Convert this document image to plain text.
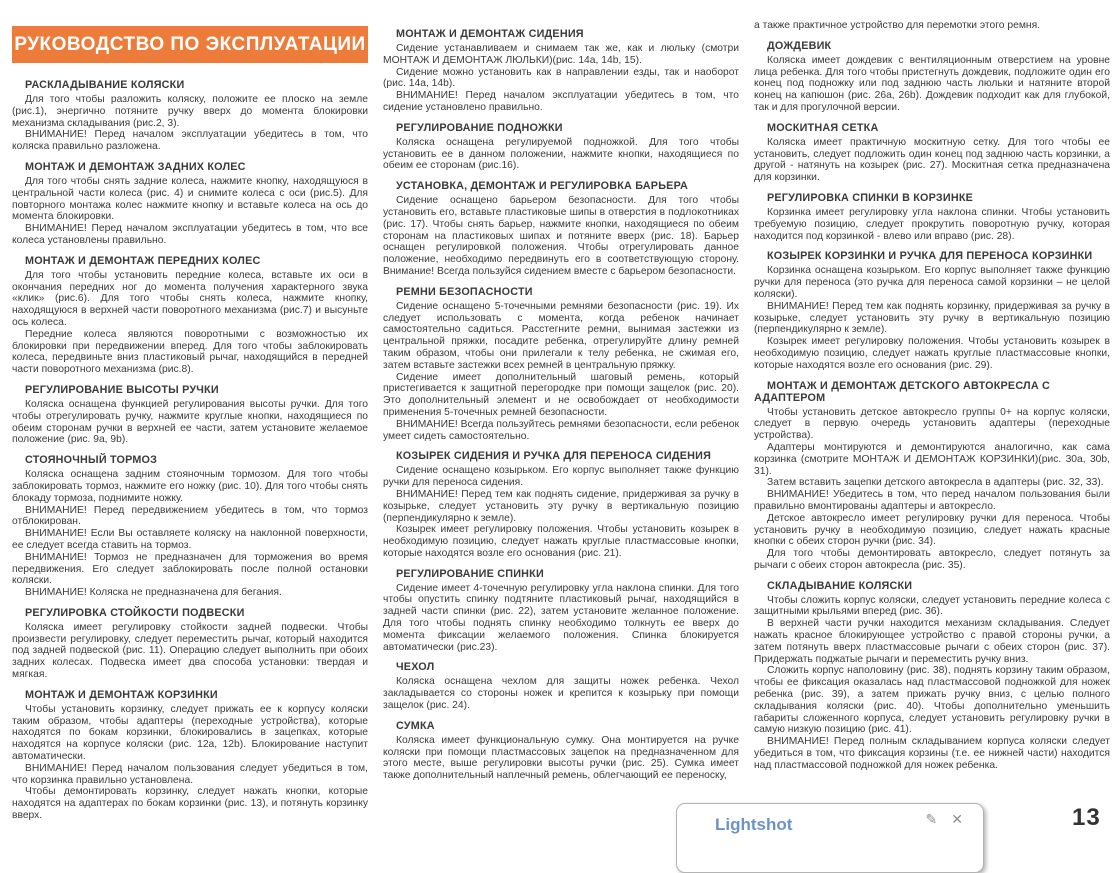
РУКОВОДСТВО ПО ЭКСПЛУАТАЦИИ
РАСКЛАДЫВАНИЕ КОЛЯСКИ

Для того чтобы разложить коляску, положите ее плоско на земле (рис.1), энергично потяните ручку вверх до момента блокировки механизма складывания (рис.2, 3).

ВНИМАНИЕ! Перед началом эксплуатации убедитесь в том, что коляска правильно разложена.

МОНТАЖ И ДЕМОНТАЖ ЗАДНИХ КОЛЕС

Для того чтобы снять задние колеса, нажмите кнопку, находящуюся в центральной части колеса (рис. 4) и снимите колеса с оси (рис.5). Для повторного монтажа колес нажмите кнопку и вставьте колеса на ось до момента блокировки.

ВНИМАНИЕ! Перед началом эксплуатации убедитесь в том, что все колеса установлены правильно.

МОНТАЖ И ДЕМОНТАЖ ПЕРЕДНИХ КОЛЕС

Для того чтобы установить передние колеса, вставьте их оси в окончания передних ног до момента получения характерного звука «клик» (рис.6). Для того чтобы снять колеса, нажмите кнопку, находящуюся в верхней части поворотного механизма (рис.7) и высуньте ось колеса.

Передние колеса являются поворотными с возможностью их блокировки при передвижении вперед. Для того чтобы заблокировать колеса, передвиньте вниз пластиковый рычаг, находящийся в передней части поворотного механизма (рис.8).

РЕГУЛИРОВАНИЕ ВЫСОТЫ РУЧКИ

Коляска оснащена функцией регулирования высоты ручки. Для того чтобы отрегулировать ручку, нажмите круглые кнопки, находящиеся по обеим сторонам ручки в верхней ее части, затем установите желаемое положение (рис. 9a, 9b).

СТОЯНОЧНЫЙ ТОРМОЗ

Коляска оснащена задним стояночным тормозом. Для того чтобы заблокировать тормоз, нажмите его ножку (рис. 10). Для того чтобы снять блокаду тормоза, поднимите ножку.

ВНИМАНИЕ! Перед передвижением убедитесь в том, что тормоз отблокирован.

ВНИМАНИЕ! Если Вы оставляете коляску на наклонной поверхности, ее следует всегда ставить на тормоз.

ВНИМАНИЕ! Тормоз не предназначен для торможения во время передвижения. Его следует заблокировать после полной остановки коляски.

ВНИМАНИЕ! Коляска не предназначена для бегания.

РЕГУЛИРОВКА СТОЙКОСТИ ПОДВЕСКИ

Коляска имеет регулировку стойкости задней подвески. Чтобы произвести регулировку, следует переместить рычаг, который находится под задней подвеской (рис. 11). Операцию следует выполнить при обоих задних колесах. Подвеска имеет два способа установки: твердая и мягкая.

МОНТАЖ И ДЕМОНТАЖ КОРЗИНКИ

Чтобы установить корзинку, следует прижать ее к корпусу коляски таким образом, чтобы адаптеры (переходные устройства), которые находятся по бокам корзинки, блокировались в зацепках, которые находятся на корпусе коляски (рис. 12a, 12b). Блокирование наступит автоматически.

ВНИМАНИЕ! Перед началом пользования следует убедиться в том, что корзинка правильно установлена.

Чтобы демонтировать корзинку, следует нажать кнопки, которые находятся на адаптерах по бокам корзинки (рис. 13), и потянуть корзинку вверх.

МОНТАЖ И ДЕМОНТАЖ СИДЕНИЯ

Сидение устанавливаем и снимаем так же, как и люльку (смотри МОНТАЖ И ДЕМОНТАЖ ЛЮЛЬКИ)(рис. 14a, 14b, 15).

Сидение можно установить как в направлении езды, так и наоборот (рис. 14a, 14b).

ВНИМАНИЕ! Перед началом эксплуатации убедитесь в том, что сидение установлено правильно.

РЕГУЛИРОВАНИЕ ПОДНОЖКИ

Коляска оснащена регулируемой подножкой. Для того чтобы установить ее в данном положении, нажмите кнопки, находящиеся по обеим ее сторонам (рис.16).

УСТАНОВКА, ДЕМОНТАЖ И РЕГУЛИРОВКА БАРЬЕРА

Сидение оснащено барьером безопасности. Для того чтобы установить его, вставьте пластиковые шипы в отверстия в подлокотниках (рис. 17). Чтобы снять барьер, нажмите кнопки, находящиеся по обеим сторонам на пластиковых шипах и потяните вверх (рис. 18). Барьер оснащен регулировкой положения. Чтобы отрегулировать данное положение, необходимо передвинуть его в соответствующую сторону. Внимание! Всегда пользуйся сидением вместе с барьером безопасности.

РЕМНИ БЕЗОПАСНОСТИ

Сидение оснащено 5-точечными ремнями безопасности (рис. 19). Их следует использовать с момента, когда ребенок начинает самостоятельно садиться. Расстегните ремни, вынимая застежки из центральной пряжки, посадите ребенка, отрегулируйте длину ремней таким образом, чтобы они прилегали к телу ребенка, не сжимая его, затем вставьте застежки всех ремней в центральную пряжку.

Сидение имеет дополнительный шаговый ремень, который пристегивается к защитной перегородке при помощи защелок (рис. 20). Это дополнительный элемент и не освобождает от необходимости применения 5-точечных ремней безопасности.

ВНИМАНИЕ! Всегда пользуйтесь ремнями безопасности, если ребенок умеет сидеть самостоятельно.

КОЗЫРЕК СИДЕНИЯ И РУЧКА ДЛЯ ПЕРЕНОСА СИДЕНИЯ

Сидение оснащено козырьком. Его корпус выполняет также функцию ручки для переноса сидения.

ВНИМАНИЕ! Перед тем как поднять сидение, придерживая за ручку в козырьке, следует установить эту ручку в вертикальную позицию (перпендикулярно к земле).

Козырек имеет регулировку положения. Чтобы установить козырек в необходимую позицию, следует нажать круглые пластмассовые кнопки, которые находятся возле его основания (рис. 21).

РЕГУЛИРОВАНИЕ СПИНКИ

Сидение имеет 4-точечную регулировку угла наклона спинки. Для того чтобы опустить спинку подтяните пластиковый рычаг, находящийся в задней части спинки (рис. 22), затем установите желанное положение. Для того чтобы поднять спинку необходимо толкнуть ее вверх до момента фиксации желаемого положения. Спинка блокируется автоматически (рис.23).

ЧЕХОЛ

Коляска оснащена чехлом для защиты ножек ребенка. Чехол закладывается со стороны ножек и крепится к козырьку при помощи защелок (рис. 24).

СУМКА

Коляска имеет функциональную сумку. Она монтируется на ручке коляски при помощи пластмассовых зацепок на предназначенном для этого месте, выше регулировки высоты ручки (рис. 25). Сумка имеет также дополнительный наплечный ремень, облегчающий ее переноску,

а также практичное устройство для перемотки этого ремня.

ДОЖДЕВИК

Коляска имеет дождевик с вентиляционным отверстием на уровне лица ребенка. Для того чтобы пристегнуть дождевик, подложите один его конец под подножку или под заднюю часть люльки и натяните второй конец на капюшон (рис. 26a, 26b). Дождевик подходит как для глубокой, так и для прогулочной версии.

МОСКИТНАЯ СЕТКА

Коляска имеет практичную москитную сетку. Для того чтобы ее установить, следует подложить один конец под заднюю часть корзинки, а другой - натянуть на козырек (рис. 27). Москитная сетка предназначена для корзинки.

РЕГУЛИРОВКА СПИНКИ В КОРЗИНКЕ

Корзинка имеет регулировку угла наклона спинки. Чтобы установить требуемую позицию, следует прокрутить поворотную ручку, которая находится под корзинкой - влево или вправо (рис. 28).

КОЗЫРЕК КОРЗИНКИ И РУЧКА ДЛЯ ПЕРЕНОСА КОРЗИНКИ

Корзинка оснащена козырьком. Его корпус выполняет также функцию ручки для переноса (это ручка для переноса самой корзинки – не целой коляски).

ВНИМАНИЕ! Перед тем как поднять корзинку, придерживая за ручку в козырьке, следует установить эту ручку в вертикальную позицию (перпендикулярно к земле).

Козырек имеет регулировку положения. Чтобы установить козырек в необходимую позицию, следует нажать круглые пластмассовые кнопки, которые находятся возле его основания (рис. 29).

МОНТАЖ И ДЕМОНТАЖ ДЕТСКОГО АВТОКРЕСЛА С АДАПТЕРОМ

Чтобы установить детское автокресло группы 0+ на корпус коляски, следует в первую очередь установить адаптеры (переходные устройства).

Адаптеры монтируются и демонтируются аналогично, как сама корзинка (смотрите МОНТАЖ И ДЕМОНТАЖ КОРЗИНКИ)(рис. 30a, 30b, 31).

Затем вставить зацепки детского автокресла в адаптеры (рис. 32, 33).

ВНИМАНИЕ! Убедитесь в том, что перед началом пользования были правильно вмонтированы адаптеры и автокресло.

Детское автокресло имеет регулировку ручки для переноса. Чтобы установить ручку в необходимую позицию, следует нажать красные кнопки с обеих сторон ручки (рис. 34).

Для того чтобы демонтировать автокресло, следует потянуть за рычаги с обеих сторон автокресла (рис. 35).

СКЛАДЫВАНИЕ КОЛЯСКИ

Чтобы сложить корпус коляски, следует установить передние колеса с защитными крыльями вперед (рис. 36).

В верхней части ручки находится механизм складывания. Следует нажать красное блокирующее устройство с правой стороны ручки, а затем потянуть вверх пластмассовые рычаги с обеих сторон (рис. 37). Придержать поджатые рычаги и переместить ручку вниз.

Сложить корпус наполовину (рис. 38), поднять корзину таким образом, чтобы ее фиксация оказалась над пластмассовой подножкой для ножек ребенка (рис. 39), а затем прижать ручку вниз, с целью полного складывания коляски (рис. 40). Чтобы дополнительно уменьшить габариты сложенного корпуса, следует установить регулировку ручки в самую низкую позицию (рис. 41).

ВНИМАНИЕ! Перед полным складыванием корпуса коляски следует убедиться в том, что фиксация корзины (т.е. ее нижней части) находится над пластмассовой подножкой для ножек ребенка.

Lightshot	✎ ✕	13
